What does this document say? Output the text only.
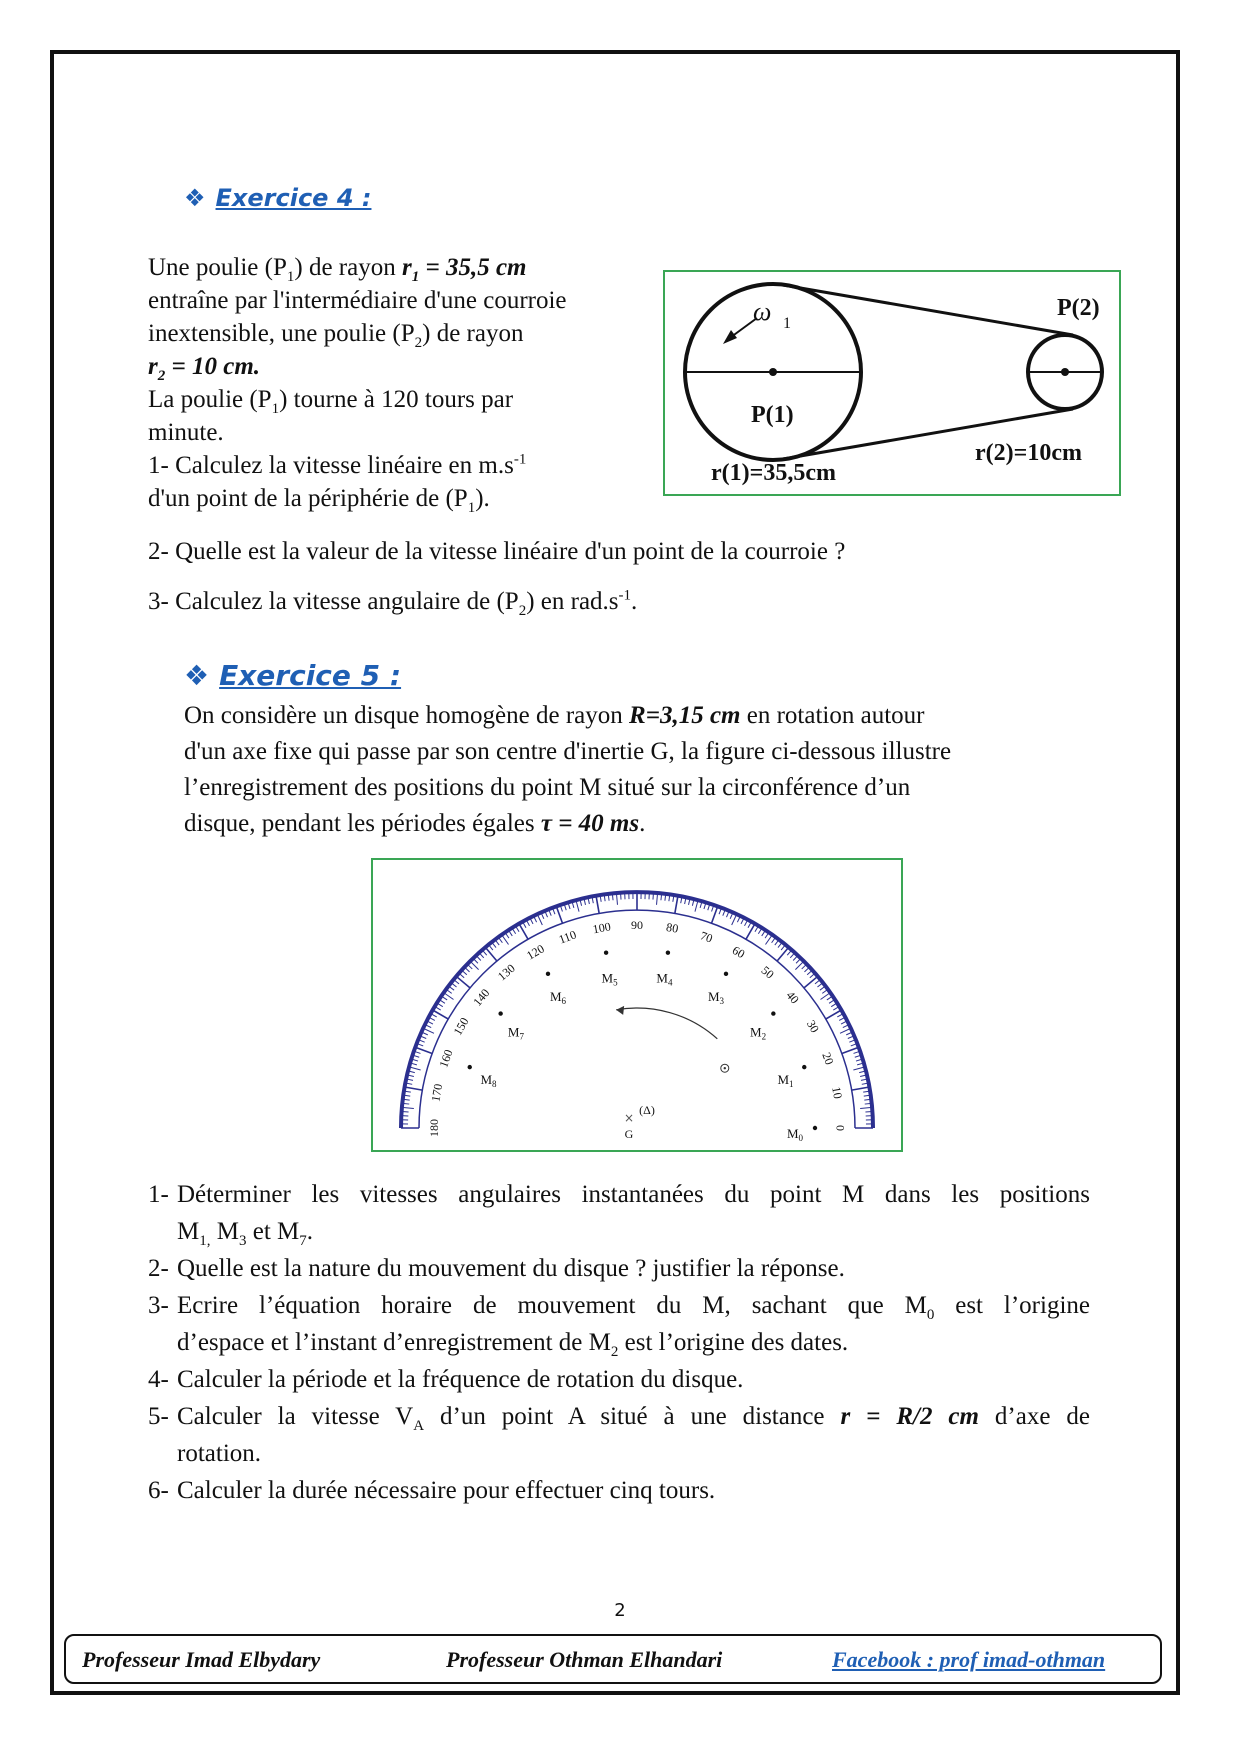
❖ Exercice 4 :
Une poulie $(P_1)$ de rayon $r_1 = 35,5$ cm
entraîne par l'intermédiaire d'une courroie
inextensible, une poulie $(P_2)$ de rayon
$r_2 = 10$ cm.
La poulie $(P_1)$ tourne à 120 tours par
minute.
1- Calculez la vitesse linéaire en $m.s^{-1}$
d'un point de la périphérie de $(P_1)$.
ω 1
P(2)
P(1)
r(1)=35,5cm
r(2)=10cm
2- Quelle est la valeur de la vitesse linéaire d'un point de la courroie ?
3- Calculez la vitesse angulaire de $(P_2)$ en $rad.s^{-1}$.
❖ Exercice 5 :
On considère un disque homogène de rayon R=3,15 cm en rotation autour
d'un axe fixe qui passe par son centre d'inertie G, la figure ci-dessous illustre
l’enregistrement des positions du point M situé sur la circonférence d’un
disque, pendant les périodes égales τ = 40 ms.
0
10
20
30
40
50
60
70
80
90
100
110
120
130
140
150
160
170
180	$M_0$
$M_1$
$M_2$
$M_3$
$M_4$
$M_5$
$M_6$
$M_7$
$M_8$
×
(Δ)
G
1- Déterminer les vitesses angulaires instantanées du point M dans les positions
$M_{1,}$ $M_3$ et $M_7$.
2- Quelle est la nature du mouvement du disque ? justifier la réponse.
3- Ecrire l’équation horaire de mouvement du M, sachant que $M_0$ est l’origine
d’espace et l’instant d’enregistrement de $M_2$ est l’origine des dates.
4- Calculer la période et la fréquence de rotation du disque.
5- Calculer la vitesse $V_A$ d’un point A situé à une distance r = R/2 cm d’axe de
rotation.
6- Calculer la durée nécessaire pour effectuer cinq tours.
2
Professeur Imad Elbydary	Professeur Othman Elhandari	Facebook : prof imad-othman
